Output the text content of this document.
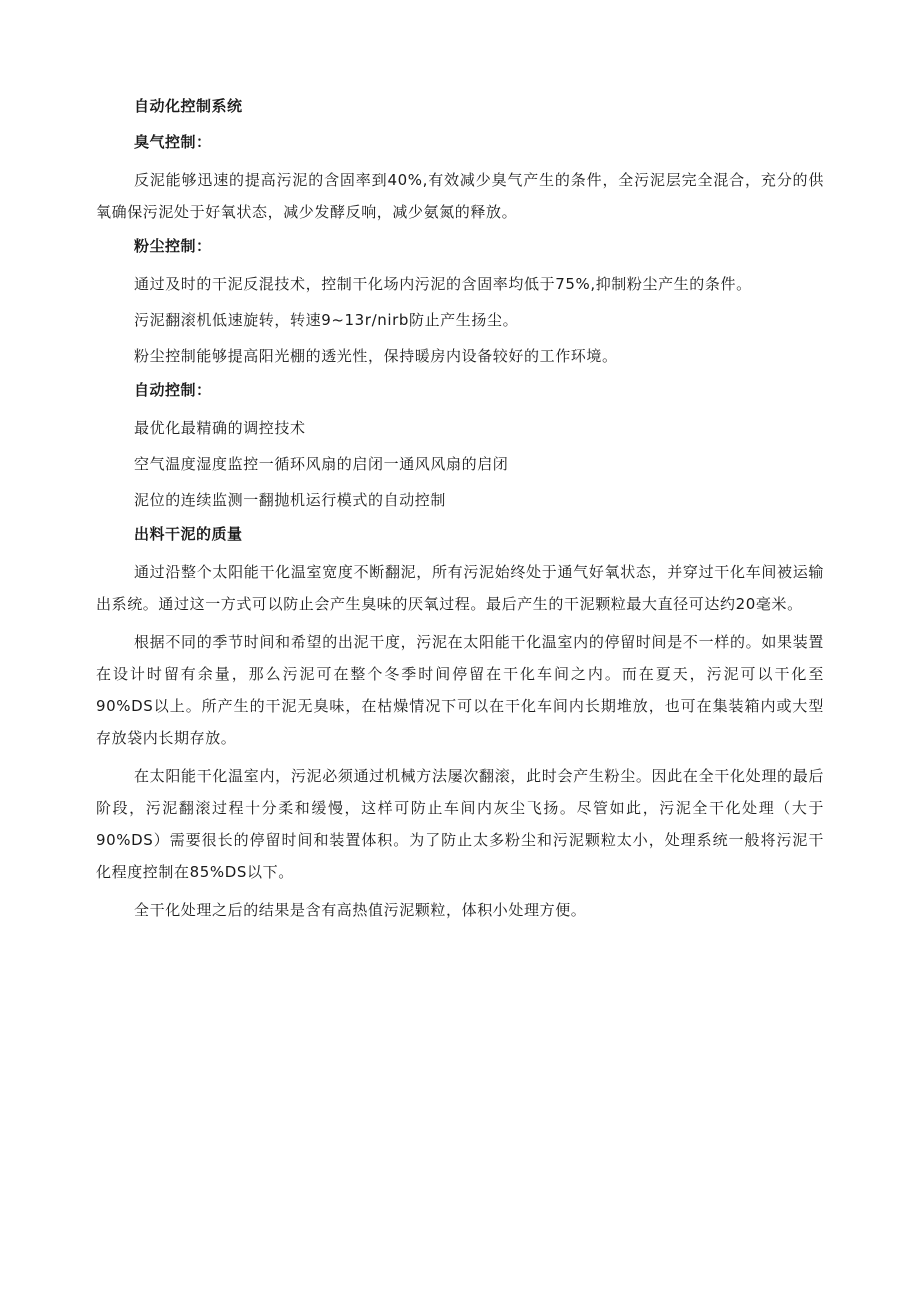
自动化控制系统
臭气控制：

反泥能够迅速的提高污泥的含固率到40%,有效减少臭气产生的条件，全污泥层完全混合，充分的供氧确保污泥处于好氧状态，减少发酵反响，减少氨氮的释放。

粉尘控制：

通过及时的干泥反混技术，控制干化场内污泥的含固率均低于75%,抑制粉尘产生的条件。

污泥翻滚机低速旋转，转速9~13r∕nirb防止产生扬尘。

粉尘控制能够提高阳光棚的透光性，保持暖房内设备较好的工作环境。

自动控制：

最优化最精确的调控技术

空气温度湿度监控一循环风扇的启闭一通风风扇的启闭

泥位的连续监测一翻抛机运行模式的自动控制

出料干泥的质量

通过沿整个太阳能干化温室宽度不断翻泥，所有污泥始终处于通气好氧状态，并穿过干化车间被运输出系统。通过这一方式可以防止会产生臭味的厌氧过程。最后产生的干泥颗粒最大直径可达约20毫米。

根据不同的季节时间和希望的出泥干度，污泥在太阳能干化温室内的停留时间是不一样的。如果装置在设计时留有余量，那么污泥可在整个冬季时间停留在干化车间之内。而在夏天，污泥可以干化至90%DS以上。所产生的干泥无臭味，在枯燥情况下可以在干化车间内长期堆放，也可在集装箱内或大型存放袋内长期存放。

在太阳能干化温室内，污泥必须通过机械方法屡次翻滚，此时会产生粉尘。因此在全干化处理的最后阶段，污泥翻滚过程十分柔和缓慢，这样可防止车间内灰尘飞扬。尽管如此，污泥全干化处理（大于90%DS）需要很长的停留时间和装置体积。为了防止太多粉尘和污泥颗粒太小，处理系统一般将污泥干化程度控制在85%DS以下。

全干化处理之后的结果是含有高热值污泥颗粒，体积小处理方便。
